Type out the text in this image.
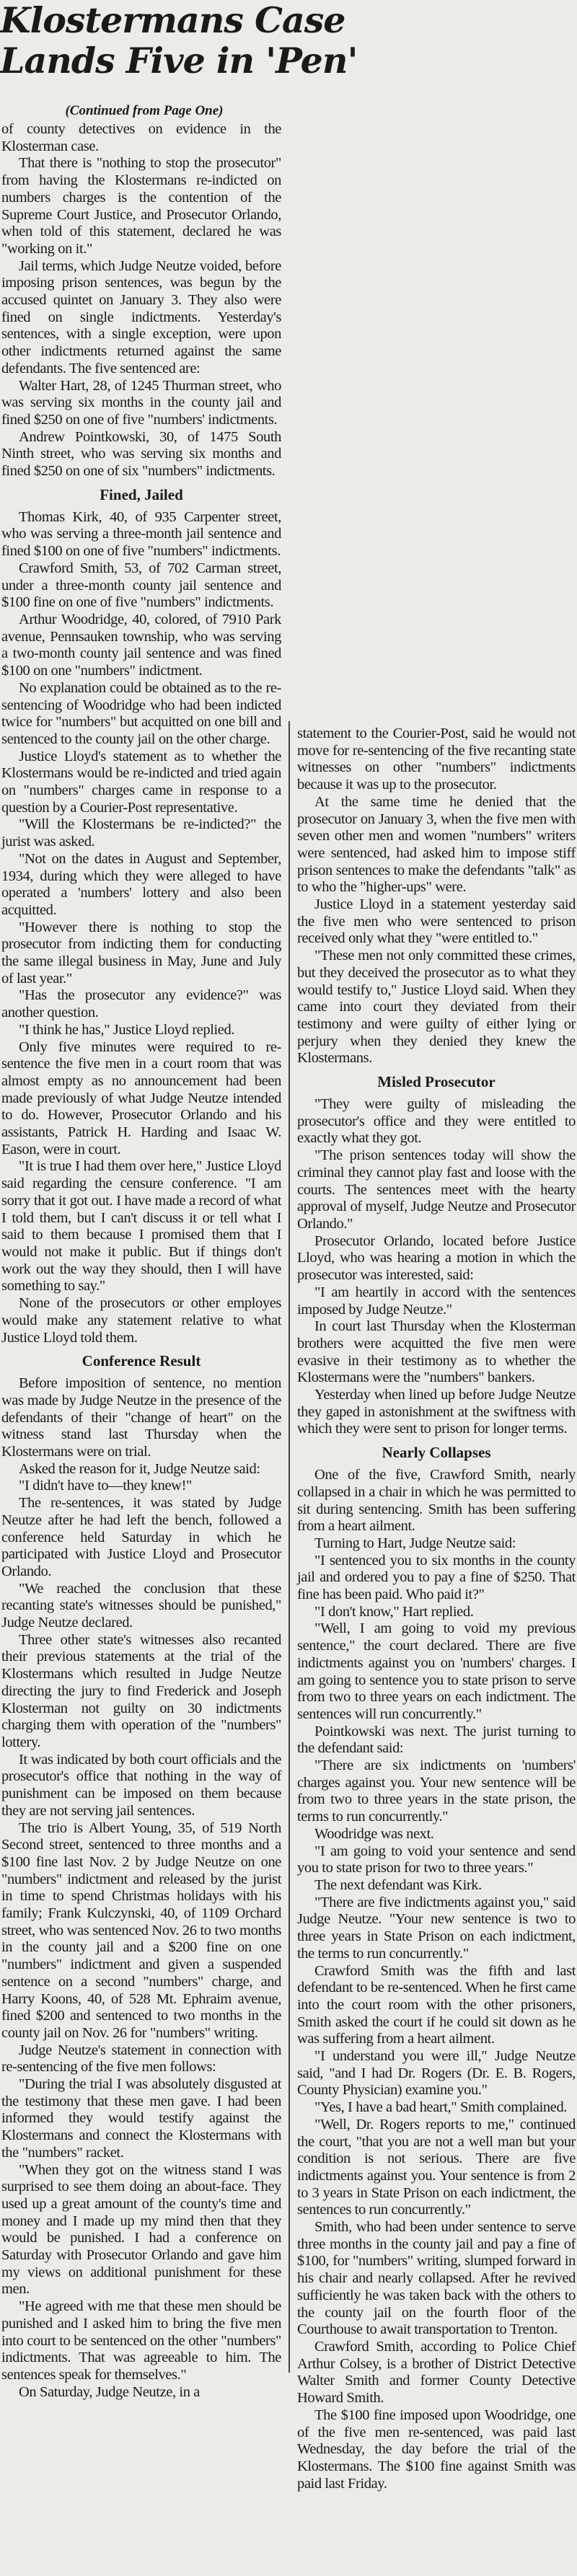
Klostermans Case
Lands Five in 'Pen'
(Continued from Page One)

of county detectives on evidence in the Klosterman case.

That there is "nothing to stop the prosecutor" from having the Klostermans re-indicted on numbers charges is the contention of the Supreme Court Justice, and Prosecutor Orlando, when told of this statement, declared he was "working on it."

Jail terms, which Judge Neutze voided, before imposing prison sentences, was begun by the accused quintet on January 3. They also were fined on single indictments. Yesterday's sentences, with a single exception, were upon other indictments returned against the same defendants. The five sentenced are:

Walter Hart, 28, of 1245 Thurman street, who was serving six months in the county jail and fined $250 on one of five "numbers' indictments.

Andrew Pointkowski, 30, of 1475 South Ninth street, who was serving six months and fined $250 on one of six "numbers" indictments.

Fined, Jailed

Thomas Kirk, 40, of 935 Carpenter street, who was serving a three-month jail sentence and fined $100 on one of five "numbers" indictments.

Crawford Smith, 53, of 702 Carman street, under a three-month county jail sentence and $100 fine on one of five "numbers" indictments.

Arthur Woodridge, 40, colored, of 7910 Park avenue, Pennsauken township, who was serving a two-month county jail sentence and was fined $100 on one "numbers" indictment.

No explanation could be obtained as to the re-sentencing of Woodridge who had been indicted twice for "numbers" but acquitted on one bill and sentenced to the county jail on the other charge.

Justice Lloyd's statement as to whether the Klostermans would be re-indicted and tried again on "numbers" charges came in response to a question by a Courier-Post representative.

"Will the Klostermans be re-indicted?" the jurist was asked.

"Not on the dates in August and September, 1934, during which they were alleged to have operated a 'numbers' lottery and also been acquitted.

"However there is nothing to stop the prosecutor from indicting them for conducting the same illegal business in May, June and July of last year."

"Has the prosecutor any evidence?" was another question.

"I think he has," Justice Lloyd replied.

Only five minutes were required to re-sentence the five men in a court room that was almost empty as no announcement had been made previously of what Judge Neutze intended to do. However, Prosecutor Orlando and his assistants, Patrick H. Harding and Isaac W. Eason, were in court.

"It is true I had them over here," Justice Lloyd said regarding the censure conference. "I am sorry that it got out. I have made a record of what I told them, but I can't discuss it or tell what I said to them because I promised them that I would not make it public. But if things don't work out the way they should, then I will have something to say."

None of the prosecutors or other employes would make any statement relative to what Justice Lloyd told them.

Conference Result

Before imposition of sentence, no mention was made by Judge Neutze in the presence of the defendants of their "change of heart" on the witness stand last Thursday when the Klostermans were on trial.

Asked the reason for it, Judge Neutze said:

"I didn't have to—they knew!"

The re-sentences, it was stated by Judge Neutze after he had left the bench, followed a conference held Saturday in which he participated with Justice Lloyd and Prosecutor Orlando.

"We reached the conclusion that these recanting state's witnesses should be punished," Judge Neutze declared.

Three other state's witnesses also recanted their previous statements at the trial of the Klostermans which resulted in Judge Neutze directing the jury to find Frederick and Joseph Klosterman not guilty on 30 indictments charging them with operation of the "numbers" lottery.

It was indicated by both court officials and the prosecutor's office that nothing in the way of punishment can be imposed on them because they are not serving jail sentences.

The trio is Albert Young, 35, of 519 North Second street, sentenced to three months and a $100 fine last Nov. 2 by Judge Neutze on one "numbers" indictment and released by the jurist in time to spend Christmas holidays with his family; Frank Kulczynski, 40, of 1109 Orchard street, who was sentenced Nov. 26 to two months in the county jail and a $200 fine on one "numbers" indictment and given a suspended sentence on a second "numbers" charge, and Harry Koons, 40, of 528 Mt. Ephraim avenue, fined $200 and sentenced to two months in the county jail on Nov. 26 for "numbers" writing.

Judge Neutze's statement in connection with re-sentencing of the five men follows:

"During the trial I was absolutely disgusted at the testimony that these men gave. I had been informed they would testify against the Klostermans and connect the Klostermans with the "numbers" racket.

"When they got on the witness stand I was surprised to see them doing an about-face. They used up a great amount of the county's time and money and I made up my mind then that they would be punished. I had a conference on Saturday with Prosecutor Orlando and gave him my views on additional punishment for these men.

"He agreed with me that these men should be punished and I asked him to bring the five men into court to be sentenced on the other "numbers" indictments. That was agreeable to him. The sentences speak for themselves."

On Saturday, Judge Neutze, in a

statement to the Courier-Post, said he would not move for re-sentencing of the five recanting state witnesses on other "numbers" indictments because it was up to the prosecutor.

At the same time he denied that the prosecutor on January 3, when the five men with seven other men and women "numbers" writers were sentenced, had asked him to impose stiff prison sentences to make the defendants "talk" as to who the "higher-ups" were.

Justice Lloyd in a statement yesterday said the five men who were sentenced to prison received only what they "were entitled to."

"These men not only committed these crimes, but they deceived the prosecutor as to what they would testify to," Justice Lloyd said. When they came into court they deviated from their testimony and were guilty of either lying or perjury when they denied they knew the Klostermans.

Misled Prosecutor

"They were guilty of misleading the prosecutor's office and they were entitled to exactly what they got.

"The prison sentences today will show the criminal they cannot play fast and loose with the courts. The sentences meet with the hearty approval of myself, Judge Neutze and Prosecutor Orlando."

Prosecutor Orlando, located before Justice Lloyd, who was hearing a motion in which the prosecutor was interested, said:

"I am heartily in accord with the sentences imposed by Judge Neutze."

In court last Thursday when the Klosterman brothers were acquitted the five men were evasive in their testimony as to whether the Klostermans were the "numbers" bankers.

Yesterday when lined up before Judge Neutze they gaped in astonishment at the swiftness with which they were sent to prison for longer terms.

Nearly Collapses

One of the five, Crawford Smith, nearly collapsed in a chair in which he was permitted to sit during sentencing. Smith has been suffering from a heart ailment.

Turning to Hart, Judge Neutze said:

"I sentenced you to six months in the county jail and ordered you to pay a fine of $250. That fine has been paid. Who paid it?"

"I don't know," Hart replied.

"Well, I am going to void my previous sentence," the court declared. There are five indictments against you on 'numbers' charges. I am going to sentence you to state prison to serve from two to three years on each indictment. The sentences will run concurrently."

Pointkowski was next. The jurist turning to the defendant said:

"There are six indictments on 'numbers' charges against you. Your new sentence will be from two to three years in the state prison, the terms to run concurrently."

Woodridge was next.

"I am going to void your sentence and send you to state prison for two to three years."

The next defendant was Kirk.

"There are five indictments against you," said Judge Neutze. "Your new sentence is two to three years in State Prison on each indictment, the terms to run concurrently."

Crawford Smith was the fifth and last defendant to be re-sentenced. When he first came into the court room with the other prisoners, Smith asked the court if he could sit down as he was suffering from a heart ailment.

"I understand you were ill," Judge Neutze said, "and I had Dr. Rogers (Dr. E. B. Rogers, County Physician) examine you."

"Yes, I have a bad heart," Smith complained.

"Well, Dr. Rogers reports to me," continued the court, "that you are not a well man but your condition is not serious. There are five indictments against you. Your sentence is from 2 to 3 years in State Prison on each indictment, the sentences to run concurrently."

Smith, who had been under sentence to serve three months in the county jail and pay a fine of $100, for "numbers" writing, slumped forward in his chair and nearly collapsed. After he revived sufficiently he was taken back with the others to the county jail on the fourth floor of the Courthouse to await transportation to Trenton.

Crawford Smith, according to Police Chief Arthur Colsey, is a brother of District Detective Walter Smith and former County Detective Howard Smith.

The $100 fine imposed upon Woodridge, one of the five men re-sentenced, was paid last Wednesday, the day before the trial of the Klostermans. The $100 fine against Smith was paid last Friday.
